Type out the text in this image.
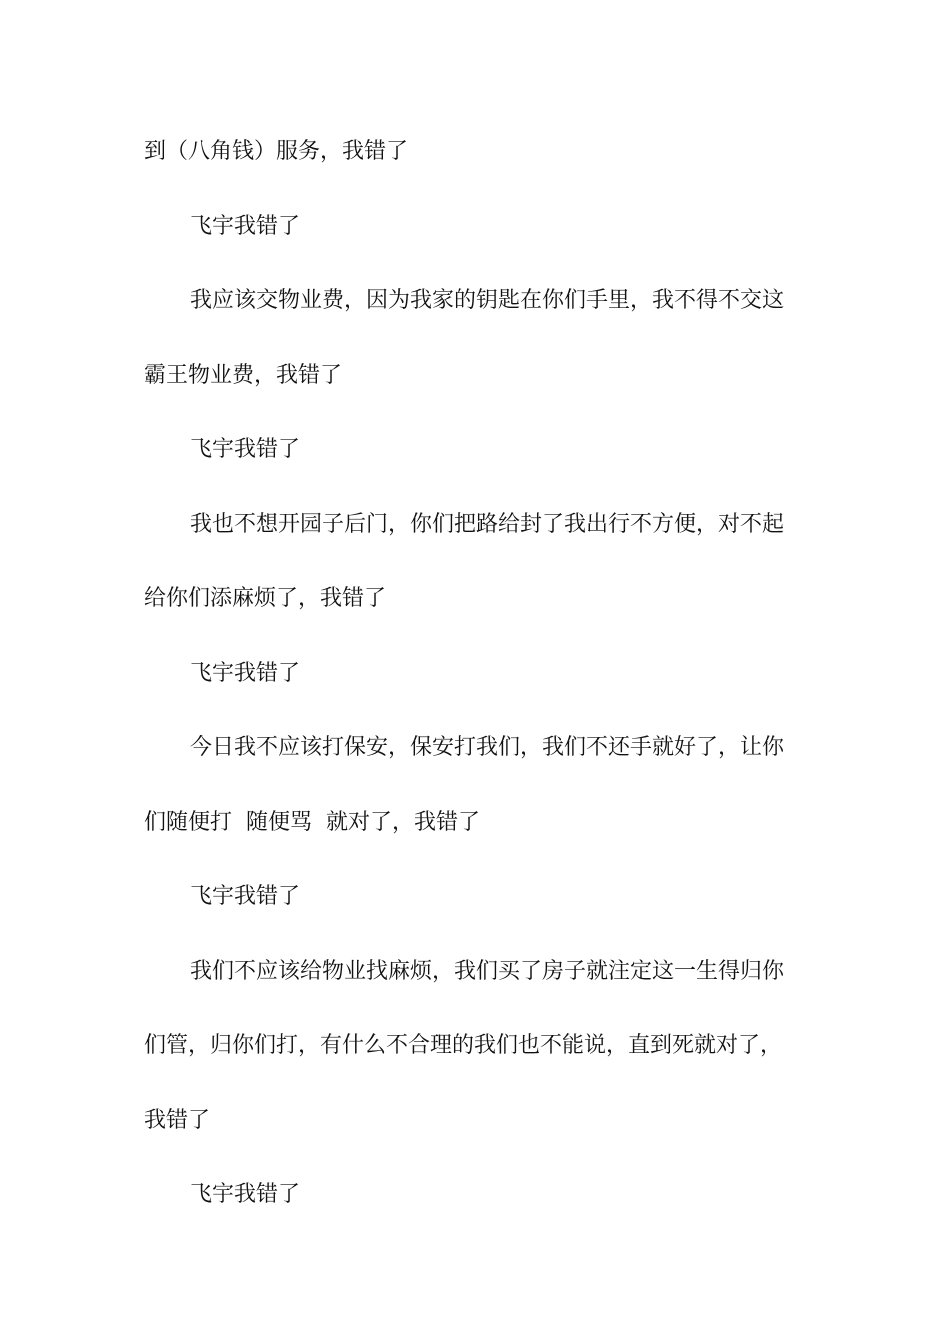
到（八角钱）服务，我错了
飞宇我错了
我应该交物业费，因为我家的钥匙在你们手里，我不得不交这
霸王物业费，我错了
飞宇我错了
我也不想开园子后门，你们把路给封了我出行不方便，对不起
给你们添麻烦了，我错了
飞宇我错了
今日我不应该打保安，保安打我们，我们不还手就好了，让你
们随便打  随便骂  就对了，我错了
飞宇我错了
我们不应该给物业找麻烦，我们买了房子就注定这一生得归你
们管，归你们打，有什么不合理的我们也不能说，直到死就对了，
我错了
飞宇我错了
